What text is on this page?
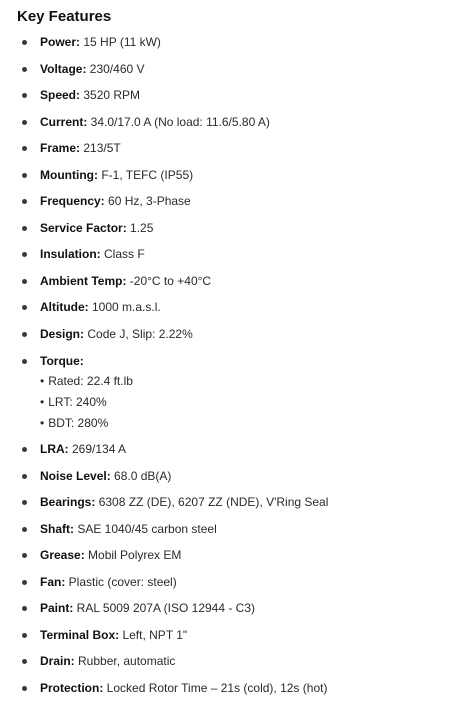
Key Features
Power: 15 HP (11 kW)
Voltage: 230/460 V
Speed: 3520 RPM
Current: 34.0/17.0 A (No load: 11.6/5.80 A)
Frame: 213/5T
Mounting: F-1, TEFC (IP55)
Frequency: 60 Hz, 3-Phase
Service Factor: 1.25
Insulation: Class F
Ambient Temp: -20°C to +40°C
Altitude: 1000 m.a.s.l.
Design: Code J, Slip: 2.22%
Torque:
• Rated: 22.4 ft.lb
• LRT: 240%
• BDT: 280%
LRA: 269/134 A
Noise Level: 68.0 dB(A)
Bearings: 6308 ZZ (DE), 6207 ZZ (NDE), V'Ring Seal
Shaft: SAE 1040/45 carbon steel
Grease: Mobil Polyrex EM
Fan: Plastic (cover: steel)
Paint: RAL 5009 207A (ISO 12944 - C3)
Terminal Box: Left, NPT 1"
Drain: Rubber, automatic
Protection: Locked Rotor Time – 21s (cold), 12s (hot)
